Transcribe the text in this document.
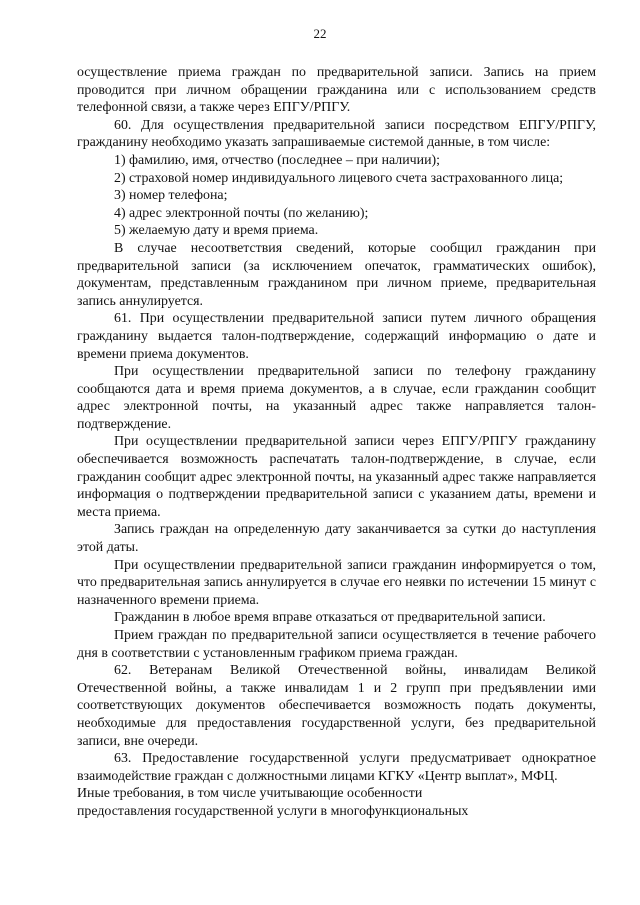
22

осуществление приема граждан по предварительной записи. Запись на прием проводится при личном обращении гражданина или с использованием средств телефонной связи, а также через ЕПГУ/РПГУ.

60. Для осуществления предварительной записи посредством ЕПГУ/РПГУ, гражданину необходимо указать запрашиваемые системой данные, в том числе:

1) фамилию, имя, отчество (последнее – при наличии);

2) страховой номер индивидуального лицевого счета застрахованного лица;

3) номер телефона;

4) адрес электронной почты (по желанию);

5) желаемую дату и время приема.

В случае несоответствия сведений, которые сообщил гражданин при предварительной записи (за исключением опечаток, грамматических ошибок), документам, представленным гражданином при личном приеме, предварительная запись аннулируется.

61. При осуществлении предварительной записи путем личного обращения гражданину выдается талон-подтверждение, содержащий информацию о дате и времени приема документов.

При осуществлении предварительной записи по телефону гражданину сообщаются дата и время приема документов, а в случае, если гражданин сообщит адрес электронной почты, на указанный адрес также направляется талон-подтверждение.

При осуществлении предварительной записи через ЕПГУ/РПГУ гражданину обеспечивается возможность распечатать талон-подтверждение, в случае, если гражданин сообщит адрес электронной почты, на указанный адрес также направляется информация о подтверждении предварительной записи с указанием даты, времени и места приема.

Запись граждан на определенную дату заканчивается за сутки до наступления этой даты.

При осуществлении предварительной записи гражданин информируется о том, что предварительная запись аннулируется в случае его неявки по истечении 15 минут с назначенного времени приема.

Гражданин в любое время вправе отказаться от предварительной записи.

Прием граждан по предварительной записи осуществляется в течение рабочего дня в соответствии с установленным графиком приема граждан.

62. Ветеранам Великой Отечественной войны, инвалидам Великой Отечественной войны, а также инвалидам 1 и 2 групп при предъявлении ими соответствующих документов обеспечивается возможность подать документы, необходимые для предоставления государственной услуги, без предварительной записи, вне очереди.

63. Предоставление государственной услуги предусматривает однократное взаимодействие граждан с должностными лицами КГКУ «Центр выплат», МФЦ.

Иные требования, в том числе учитывающие особенности
предоставления государственной услуги в многофункциональных
